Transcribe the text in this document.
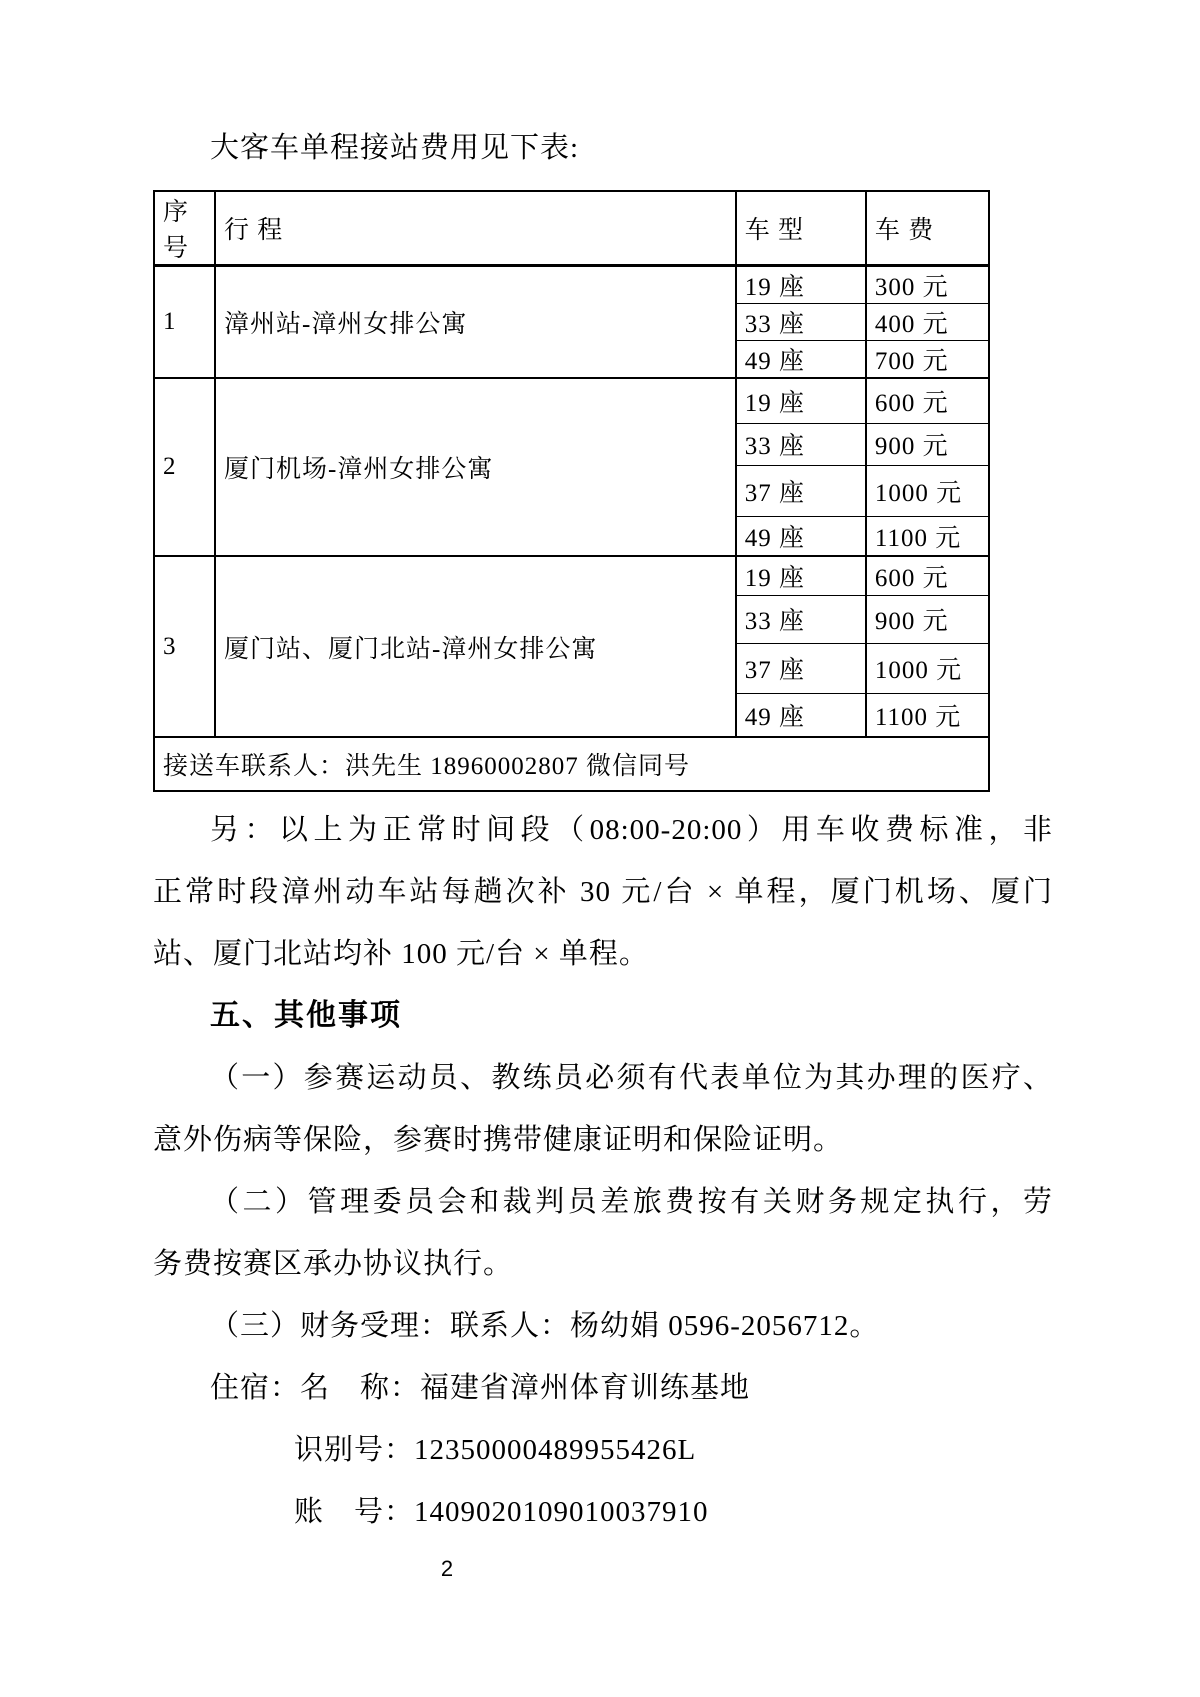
大客车单程接站费用见下表:
序号	行 程	车 型	车 费
1	漳州站-漳州女排公寓	19 座	300 元
		33 座	400 元
		49 座	700 元
2	厦门机场-漳州女排公寓	19 座	600 元
		33 座	900 元
		37 座	1000 元
		49 座	1100 元
3	厦门站、厦门北站-漳州女排公寓	19 座	600 元
		33 座	900 元
		37 座	1000 元
		49 座	1100 元
接送车联系人：洪先生 18960002807 微信同号			
另：以上为正常时间段（08:00-20:00）用车收费标准，非
正常时段漳州动车站每趟次补 30 元/台 × 单程，厦门机场、厦门
站、厦门北站均补 100 元/台 × 单程。
五、其他事项
（一）参赛运动员、教练员必须有代表单位为其办理的医疗、
意外伤病等保险，参赛时携带健康证明和保险证明。
（二）管理委员会和裁判员差旅费按有关财务规定执行，劳
务费按赛区承办协议执行。
（三）财务受理：联系人：杨幼娟 0596-2056712。
住宿：名　称：福建省漳州体育训练基地
识别号：12350000489955426L
账　号：1409020109010037910
2
